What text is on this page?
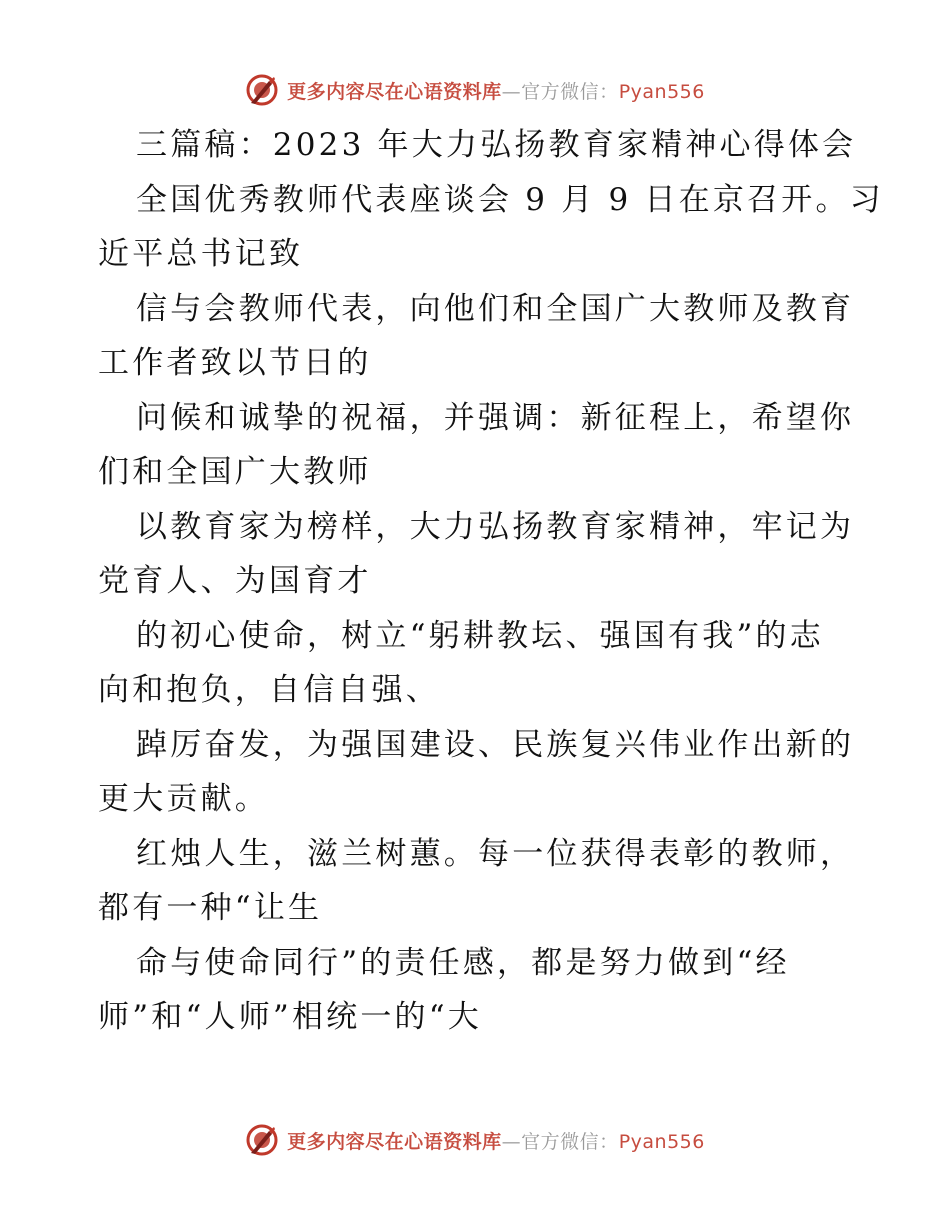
更多内容尽在心语资料库—官方微信：Pyan556
三篇稿：2023 年大力弘扬教育家精神心得体会
全国优秀教师代表座谈会 9 月 9 日在京召开。习
近平总书记致
信与会教师代表，向他们和全国广大教师及教育
工作者致以节日的
问候和诚挚的祝福，并强调：新征程上，希望你
们和全国广大教师
以教育家为榜样，大力弘扬教育家精神，牢记为
党育人、为国育才
的初心使命，树立“躬耕教坛、强国有我”的志
向和抱负，自信自强、
踔厉奋发，为强国建设、民族复兴伟业作出新的
更大贡献。
红烛人生，滋兰树蕙。每一位获得表彰的教师，
都有一种“让生
命与使命同行”的责任感，都是努力做到“经
师”和“人师”相统一的“大
更多内容尽在心语资料库—官方微信：Pyan556
